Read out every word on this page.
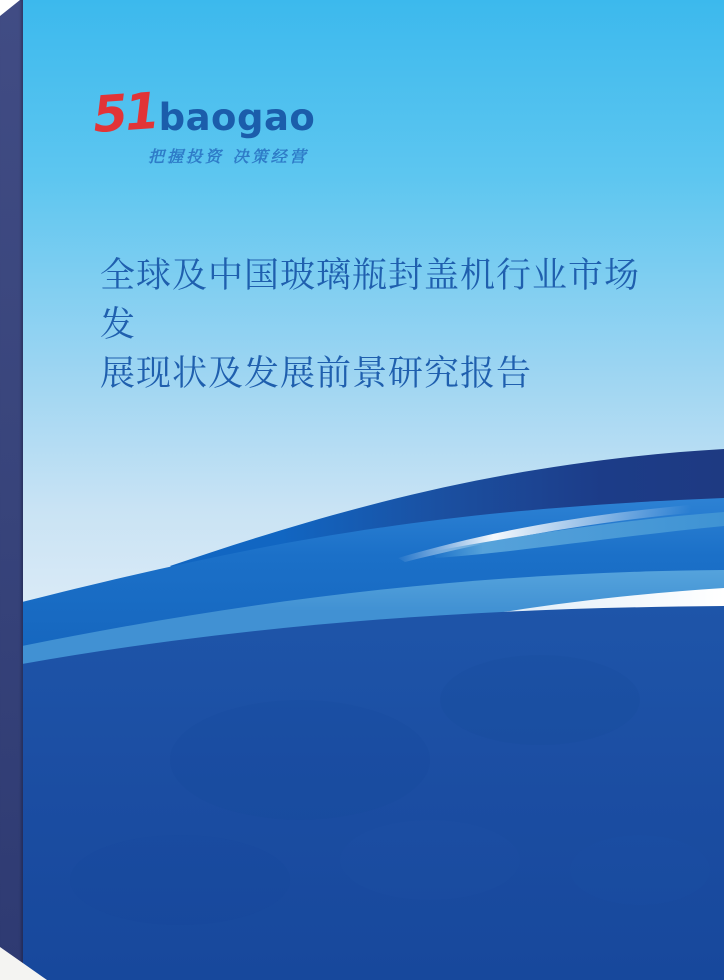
51 baogao
把握投资 决策经营
全球及中国玻璃瓶封盖机行业市场发
展现状及发展前景研究报告
